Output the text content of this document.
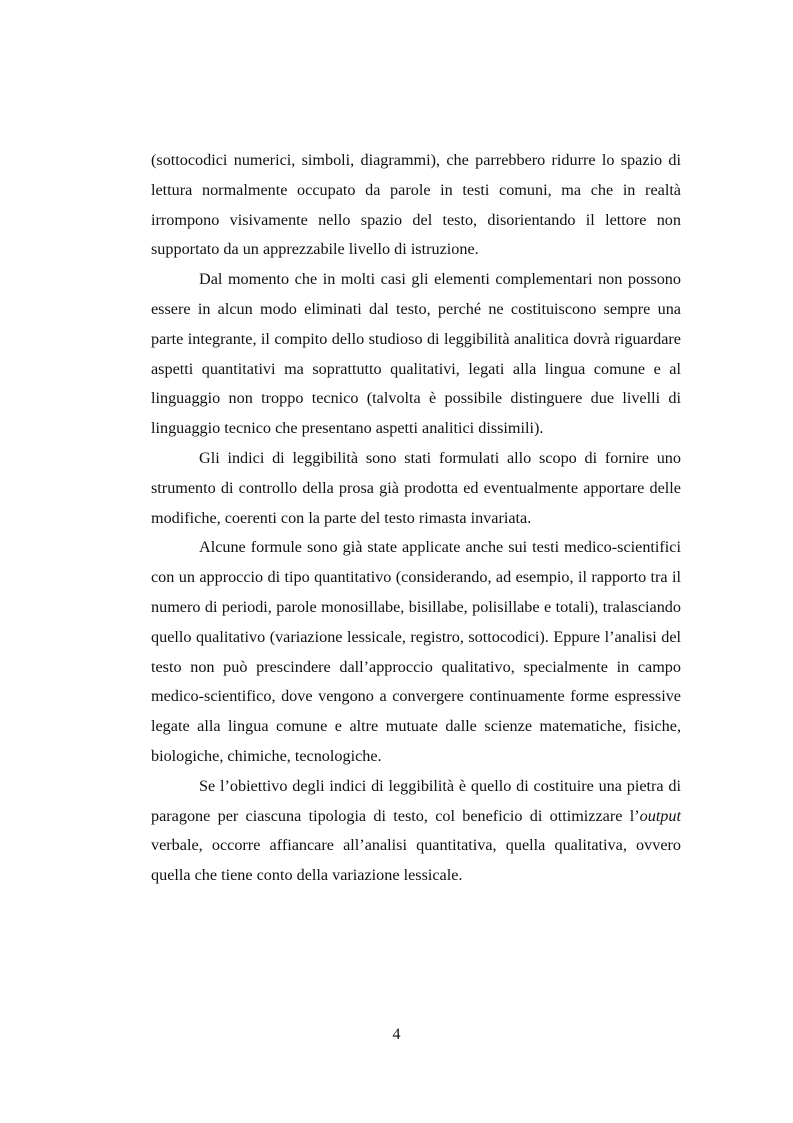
(sottocodici numerici, simboli, diagrammi), che parrebbero ridurre lo spazio di lettura normalmente occupato da parole in testi comuni, ma che in realtà irrompono visivamente nello spazio del testo, disorientando il lettore non supportato da un apprezzabile livello di istruzione.

Dal momento che in molti casi gli elementi complementari non possono essere in alcun modo eliminati dal testo, perché ne costituiscono sempre una parte integrante, il compito dello studioso di leggibilità analitica dovrà riguardare aspetti quantitativi ma soprattutto qualitativi, legati alla lingua comune e al linguaggio non troppo tecnico (talvolta è possibile distinguere due livelli di linguaggio tecnico che presentano aspetti analitici dissimili).

Gli indici di leggibilità sono stati formulati allo scopo di fornire uno strumento di controllo della prosa già prodotta ed eventualmente apportare delle modifiche, coerenti con la parte del testo rimasta invariata.

Alcune formule sono già state applicate anche sui testi medico-scientifici con un approccio di tipo quantitativo (considerando, ad esempio, il rapporto tra il numero di periodi, parole monosillabe, bisillabe, polisillabe e totali), tralasciando quello qualitativo (variazione lessicale, registro, sottocodici). Eppure l’analisi del testo non può prescindere dall’approccio qualitativo, specialmente in campo medico-scientifico, dove vengono a convergere continuamente forme espressive legate alla lingua comune e altre mutuate dalle scienze matematiche, fisiche, biologiche, chimiche, tecnologiche.

Se l’obiettivo degli indici di leggibilità è quello di costituire una pietra di paragone per ciascuna tipologia di testo, col beneficio di ottimizzare l’output verbale, occorre affiancare all’analisi quantitativa, quella qualitativa, ovvero quella che tiene conto della variazione lessicale.

4
